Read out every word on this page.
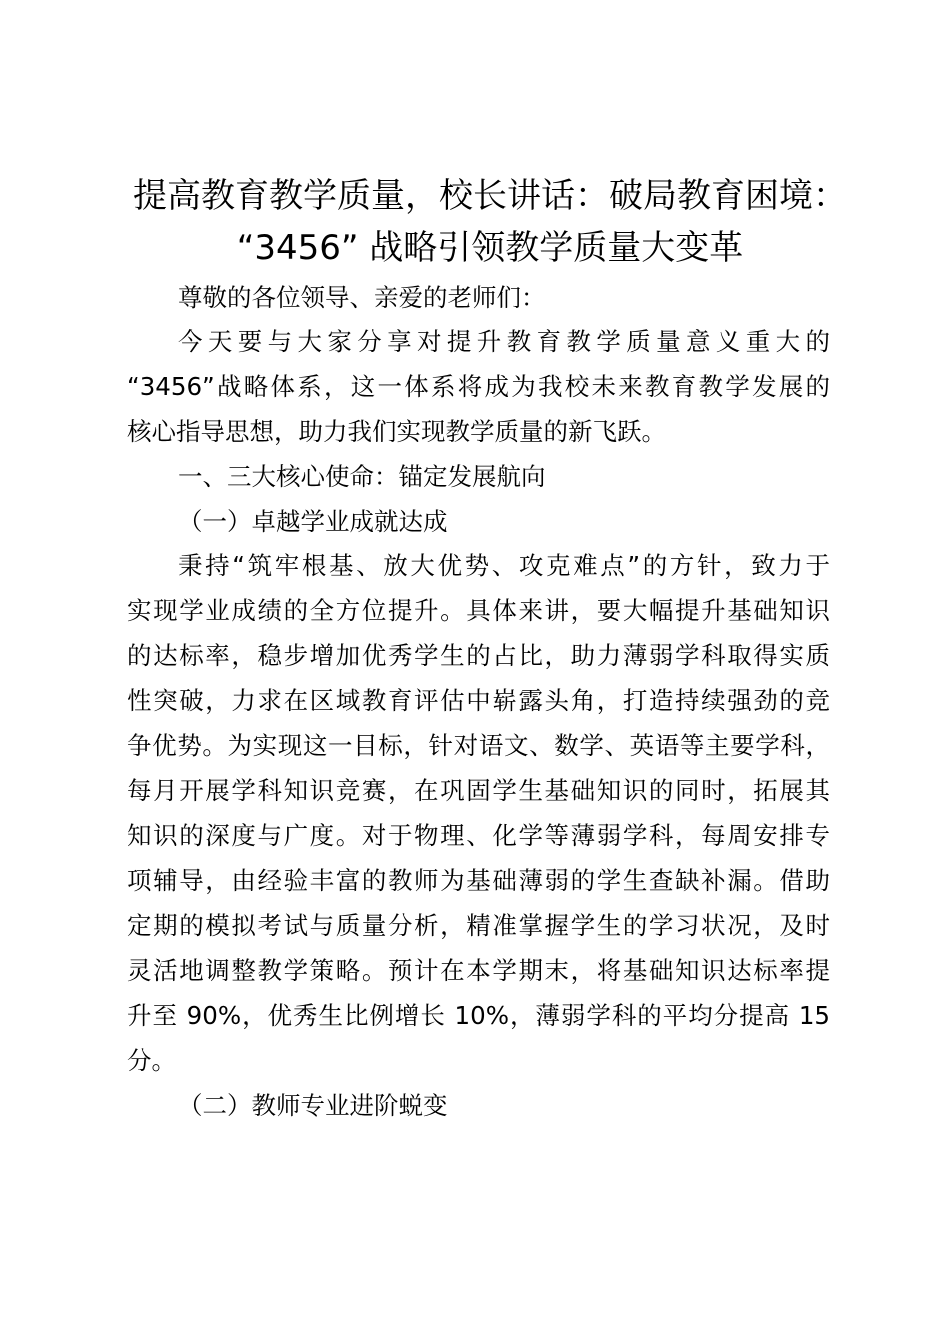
提高教育教学质量，校长讲话：破局教育困境：
“3456” 战略引领教学质量大变革
尊敬的各位领导、亲爱的老师们：
今天要与大家分享对提升教育教学质量意义重大的
“3456”战略体系，这一体系将成为我校未来教育教学发展的
核心指导思想，助力我们实现教学质量的新飞跃。
一、三大核心使命：锚定发展航向
（一）卓越学业成就达成
秉持“筑牢根基、放大优势、攻克难点”的方针，致力于
实现学业成绩的全方位提升。具体来讲，要大幅提升基础知识
的达标率，稳步增加优秀学生的占比，助力薄弱学科取得实质
性突破，力求在区域教育评估中崭露头角，打造持续强劲的竞
争优势。为实现这一目标，针对语文、数学、英语等主要学科，
每月开展学科知识竞赛，在巩固学生基础知识的同时，拓展其
知识的深度与广度。对于物理、化学等薄弱学科，每周安排专
项辅导，由经验丰富的教师为基础薄弱的学生查缺补漏。借助
定期的模拟考试与质量分析，精准掌握学生的学习状况，及时
灵活地调整教学策略。预计在本学期末，将基础知识达标率提
升至 90%，优秀生比例增长 10%，薄弱学科的平均分提高 15
分。
（二）教师专业进阶蜕变
